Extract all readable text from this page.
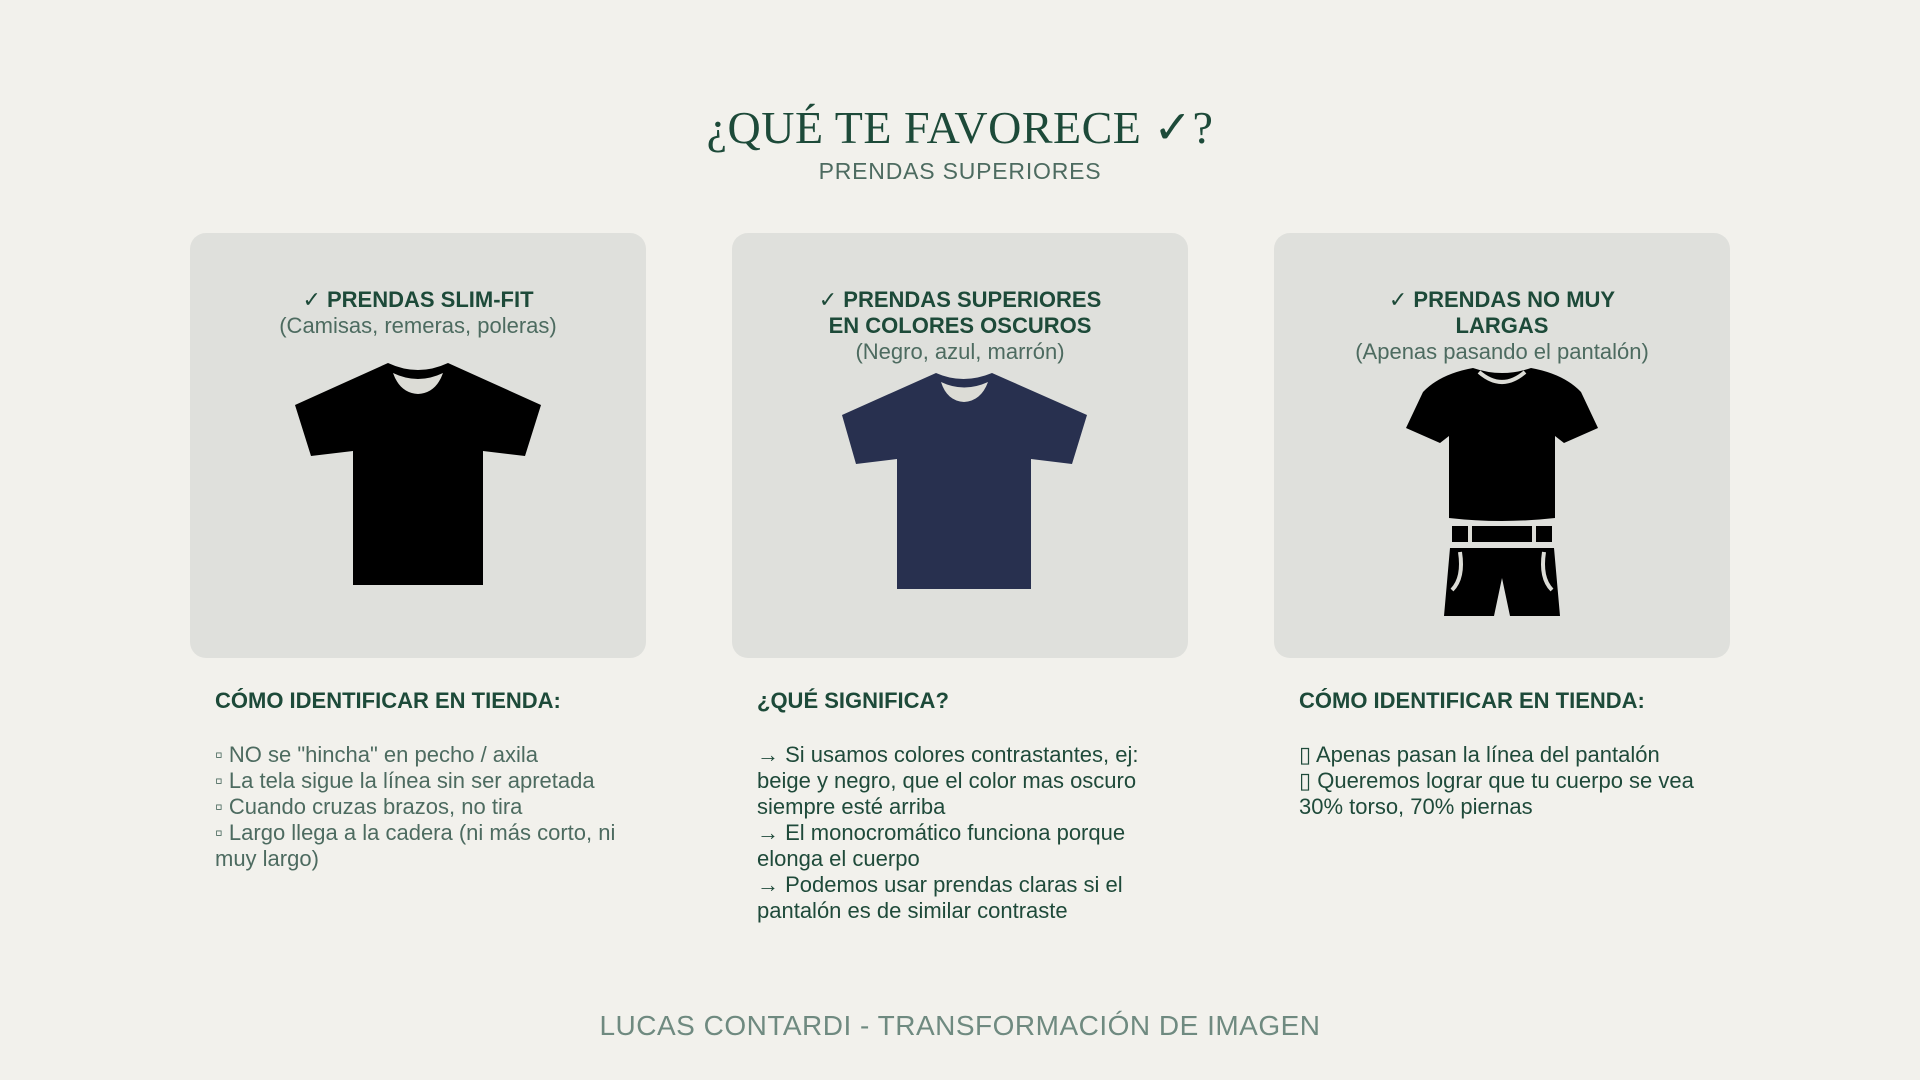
¿QUÉ TE FAVORECE ✓?
PRENDAS SUPERIORES

✓ PRENDAS SLIM-FIT

(Camisas, remeras, poleras)

CÓMO IDENTIFICAR EN TIENDA:
▫ NO se "hincha" en pecho / axila
▫ La tela sigue la línea sin ser apretada
▫ Cuando cruzas brazos, no tira
▫ Largo llega a la cadera (ni más corto, ni muy largo)

✓ PRENDAS SUPERIORES
EN COLORES OSCUROS

(Negro, azul, marrón)

¿QUÉ SIGNIFICA?
→ Si usamos colores contrastantes, ej: beige y negro, que el color mas oscuro siempre esté arriba
→ El monocromático funciona porque elonga el cuerpo
→ Podemos usar prendas claras si el pantalón es de similar contraste

✓ PRENDAS NO MUY
LARGAS

(Apenas pasando el pantalón)

CÓMO IDENTIFICAR EN TIENDA:
▯ Apenas pasan la línea del pantalón
▯ Queremos lograr que tu cuerpo se vea 30% torso, 70% piernas
LUCAS CONTARDI - TRANSFORMACIÓN DE IMAGEN
